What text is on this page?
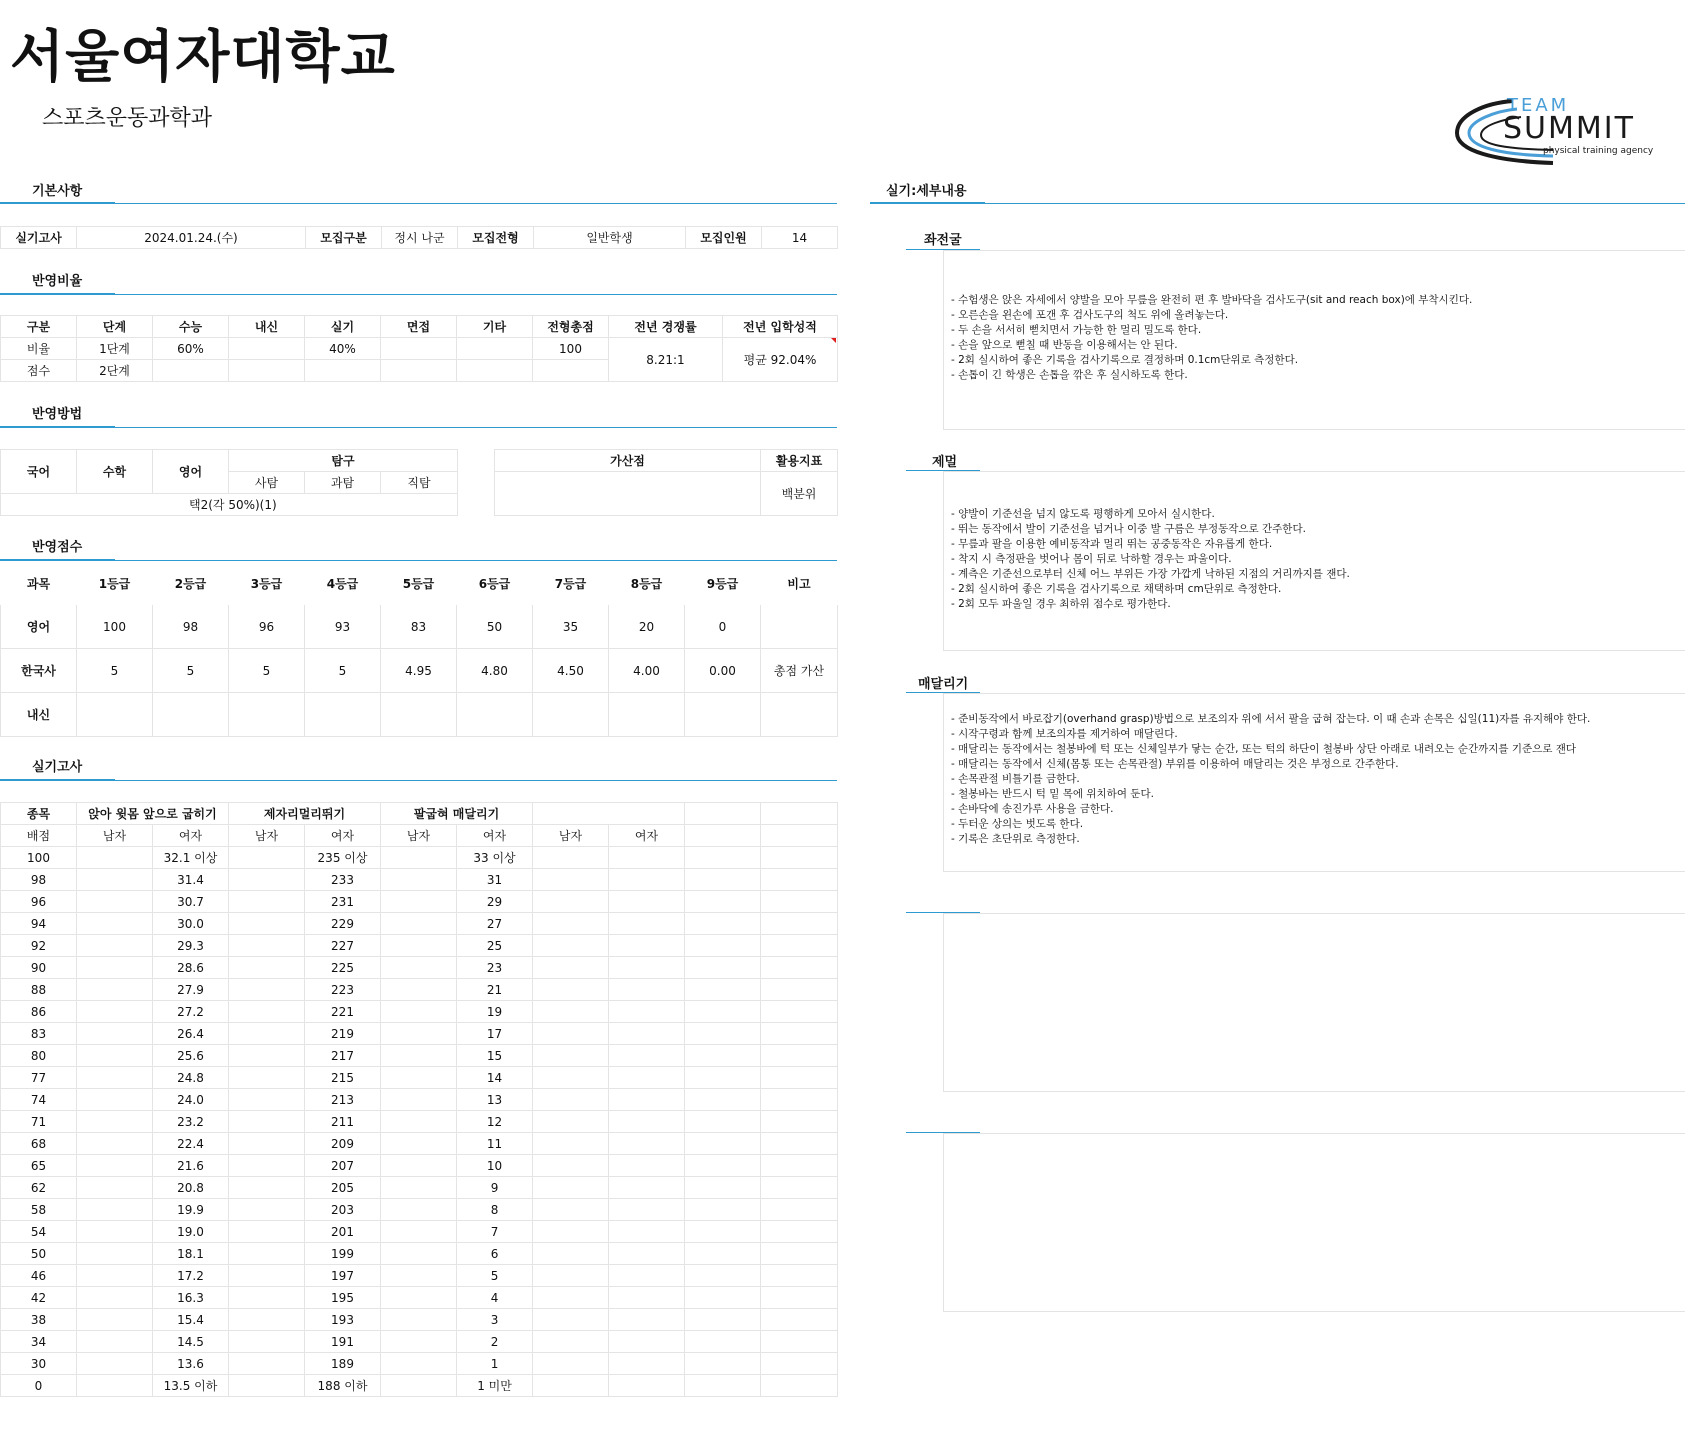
서울여자대학교
스포츠운동과학과
TEAM
SUMMIT
physical training agency
기본사항
실기고사	2024.01.24.(수)	모집구분	정시 나군	모집전형	일반학생	모집인원	14
반영비율
구분	단계	수능	내신	실기	면접	기타	전형총점	전년 경쟁률	전년 입학성적
비율	1단계	60%		40%			100	8.21:1	평균 92.04%
점수	2단계								
반영방법
국어	수학	영어	탐구		
			사탐	과탐	직탐
택2(각 50%)(1)					
가산점	활용지표
	백분위
반영점수
과목	1등급	2등급	3등급	4등급	5등급	6등급	7등급	8등급	9등급	비고
영어	100	98	96	93	83	50	35	20	0	
한국사	5	5	5	5	4.95	4.80	4.50	4.00	0.00	총점 가산
내신										
실기고사
종목	앉아 윗몸 앞으로 굽히기		제자리멀리뛰기		팔굽혀 매달리기					
배점	남자	여자	남자	여자	남자	여자	남자	여자		
100		32.1 이상		235 이상		33 이상				
98		31.4		233		31				
96		30.7		231		29				
94		30.0		229		27				
92		29.3		227		25				
90		28.6		225		23				
88		27.9		223		21				
86		27.2		221		19				
83		26.4		219		17				
80		25.6		217		15				
77		24.8		215		14				
74		24.0		213		13				
71		23.2		211		12				
68		22.4		209		11				
65		21.6		207		10				
62		20.8		205		9				
58		19.9		203		8				
54		19.0		201		7				
50		18.1		199		6				
46		17.2		197		5				
42		16.3		195		4				
38		15.4		193		3				
34		14.5		191		2				
30		13.6		189		1				
0		13.5 이하		188 이하		1 미만				
실기:세부내용
좌전굴
- 수험생은 앉은 자세에서 양발을 모아 무릎을 완전히 편 후 발바닥을 검사도구(sit and reach box)에 부착시킨다.
- 오른손을 왼손에 포갠 후 검사도구의 척도 위에 올려놓는다.
- 두 손을 서서히 뻗치면서 가능한 한 멀리 밀도록 한다.
- 손을 앞으로 뻗칠 때 반동을 이용해서는 안 된다.
- 2회 실시하여 좋은 기록을 검사기록으로 결정하며 0.1cm단위로 측정한다.
- 손톱이 긴 학생은 손톱을 깎은 후 실시하도록 한다.
제멀
- 양발이 기준선을 넘지 않도록 평행하게 모아서 실시한다.
- 뛰는 동작에서 발이 기준선을 넘거나 이중 발 구름은 부정동작으로 간주한다.
- 무릎과 팔을 이용한 예비동작과 멀리 뛰는 공중동작은 자유롭게 한다.
- 착지 시 측정판을 벗어나 몸이 뒤로 낙하할 경우는 파울이다.
- 계측은 기준선으로부터 신체 어느 부위든 가장 가깝게 낙하된 지점의 거리까지를 잰다.
- 2회 실시하여 좋은 기록을 검사기록으로 채택하며 cm단위로 측정한다.
- 2회 모두 파울일 경우 최하위 점수로 평가한다.
매달리기
- 준비동작에서 바로잡기(overhand grasp)방법으로 보조의자 위에 서서 팔을 굽혀 잡는다. 이 때 손과 손목은 십일(11)자를 유지해야 한다.
- 시작구령과 함께 보조의자를 제거하여 매달린다.
- 매달리는 동작에서는 철봉바에 턱 또는 신체일부가 닿는 순간, 또는 턱의 하단이 철봉바 상단 아래로 내려오는 순간까지를 기준으로 잰다
- 매달리는 동작에서 신체(몸통 또는 손목관절) 부위를 이용하여 매달리는 것은 부정으로 간주한다.
- 손목관절 비틀기를 금한다.
- 철봉바는 반드시 턱 밑 목에 위치하여 둔다.
- 손바닥에 송진가루 사용을 금한다.
- 두터운 상의는 벗도록 한다.
- 기록은 초단위로 측정한다.
